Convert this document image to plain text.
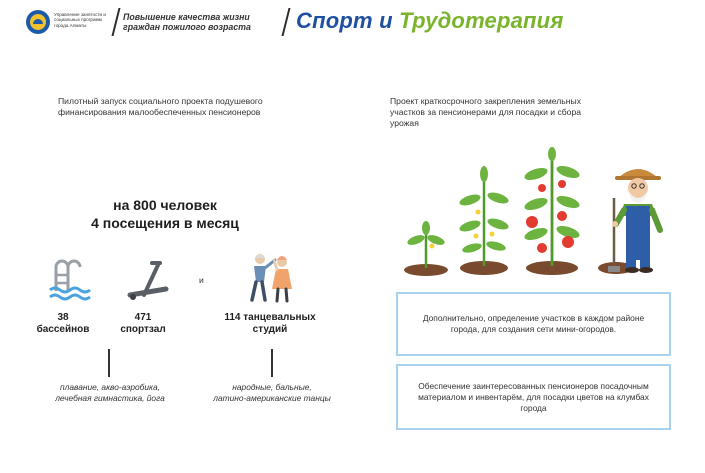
Управление занятости и социальных программ города Алматы
Повышение качества жизни граждан пожилого возраста	Спорт и Трудотерапия
Пилотный запуск социального проекта подушевого финансирования малообеспеченных пенсионеров
на 800 человек
4 посещения в месяц
и
38
бассейнов
471
спортзал
114 танцевальных студий
плавание, акво-аэробика,
лечебная гимнастика, йога
народные, бальные,
латино-американские танцы
Проект краткосрочного закрепления земельных участков за пенсионерами для посадки и сбора урожая
Дополнительно, определение участков в каждом районе города, для создания сети мини-огородов.
Обеспечение заинтересованных пенсионеров посадочным материалом и инвентарём, для посадки цветов на клумбах города
